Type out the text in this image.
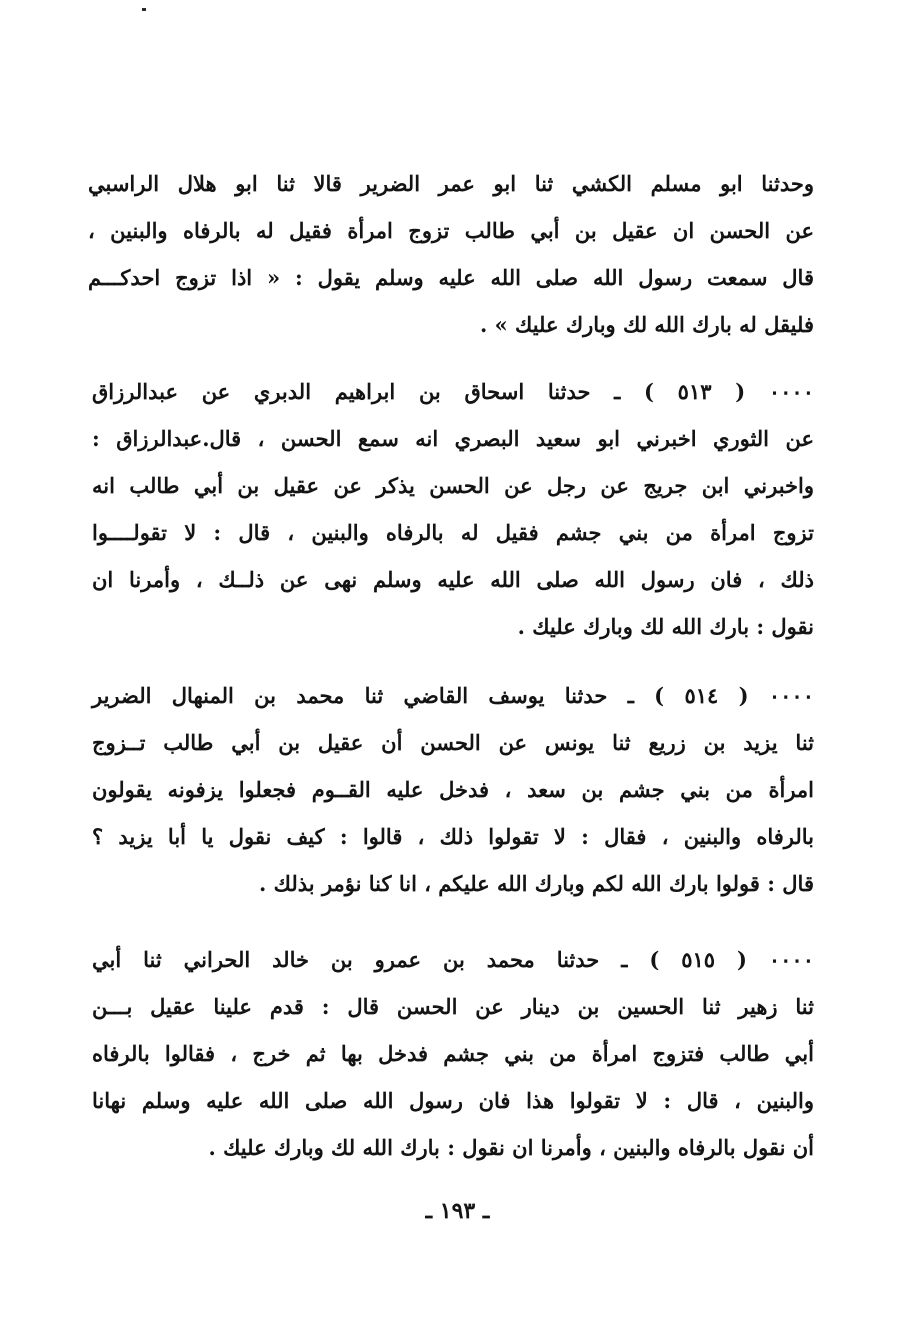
وحدثنا ابو مسلم الكشي ثنا ابو عمر الضرير قالا ثنا ابو هلال الراسبي
عن الحسن ان عقيل بن أبي طالب تزوج امرأة فقيل له بالرفاه والبنين ،
قال سمعت رسول الله صلى الله عليه وسلم يقول : « اذا تزوج احدكـــم
فليقل له بارك الله لك وبارك عليك » .
٠٠٠٠ ( ٥١٣ ) ـ حدثنا اسحاق بن ابراهيم الدبري عن عبدالرزاق
عن الثوري اخبرني ابو سعيد البصري انه سمع الحسن ، قال.عبدالرزاق :
واخبرني ابن جريج عن رجل عن الحسن يذكر عن عقيل بن أبي طالب انه
تزوج امرأة من بني جشم فقيل له بالرفاه والبنين ، قال : لا تقولــــوا
ذلك ، فان رسول الله صلى الله عليه وسلم نهى عن ذلــك ، وأمرنا ان
نقول : بارك الله لك وبارك عليك .
٠٠٠٠ ( ٥١٤ ) ـ حدثنا يوسف القاضي ثنا محمد بن المنهال الضرير
ثنا يزيد بن زريع ثنا يونس عن الحسن أن عقيل بن أبي طالب تــزوج
امرأة من بني جشم بن سعد ، فدخل عليه القــوم فجعلوا يزفونه يقولون
بالرفاه والبنين ، فقال : لا تقولوا ذلك ، قالوا : كيف نقول يا أبا يزيد ؟
قال : قولوا بارك الله لكم وبارك الله عليكم ، انا كنا نؤمر بذلك .
٠٠٠٠ ( ٥١٥ ) ـ حدثنا محمد بن عمرو بن خالد الحراني ثنا أبي
ثنا زهير ثنا الحسين بن دينار عن الحسن قال : قدم علينا عقيل بـــن
أبي طالب فتزوج امرأة من بني جشم فدخل بها ثم خرج ، فقالوا بالرفاه
والبنين ، قال : لا تقولوا هذا فان رسول الله صلى الله عليه وسلم نهانا
أن نقول بالرفاه والبنين ، وأمرنا ان نقول : بارك الله لك وبارك عليك .
ـ ١٩٣ ـ
